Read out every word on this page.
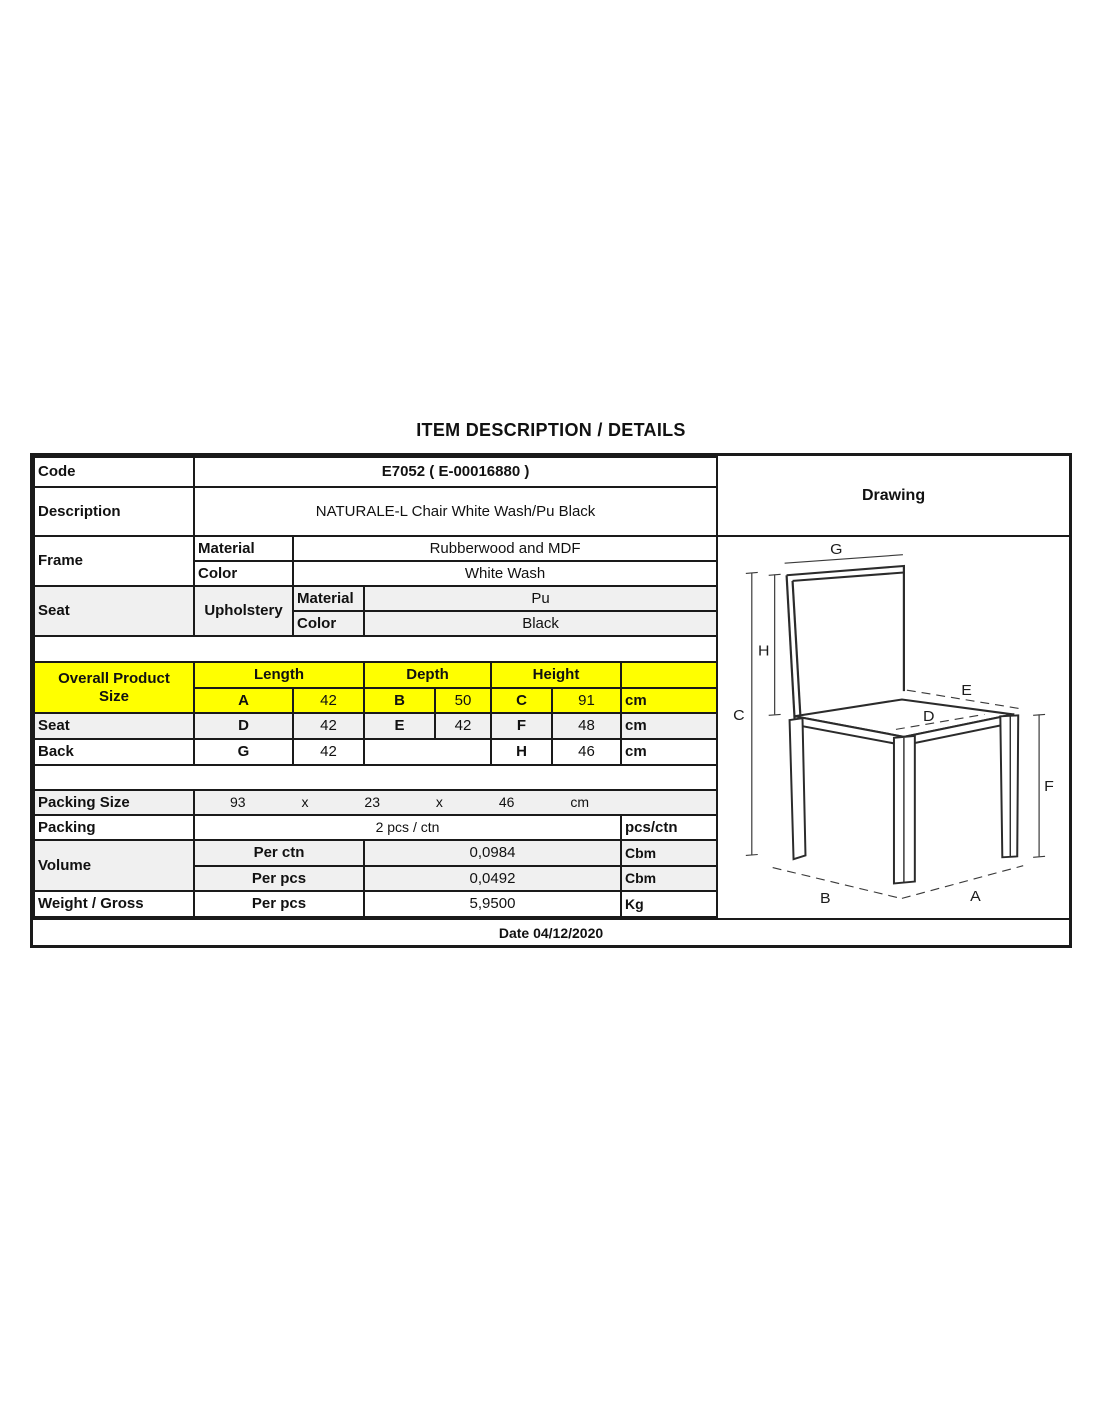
ITEM DESCRIPTION / DETAILS
Code	E7052 ( E-00016880 )						
Description	NATURALE-L Chair White Wash/Pu Black						
Frame	Material	Rubberwood and MDF					
	Color	White Wash					
Seat	Upholstery	Material	Pu				
		Color	Black				

Overall Product
Size	Length		Depth		Height		
	A	42	B	50	C	91	cm
Seat	D	42	E	42	F	48	cm
Back	G	42			H	46	cm

Packing Size	93	x	23	x	46	cm

Packing	2 pcs / ctn						pcs/ctn
Volume	Per ctn		0,0984				Cbm
	Per pcs		0,0492				Cbm
Weight / Gross	Per pcs		5,9500				Kg
Drawing
G
H
C
E
D
F
B	A
Date 04/12/2020
